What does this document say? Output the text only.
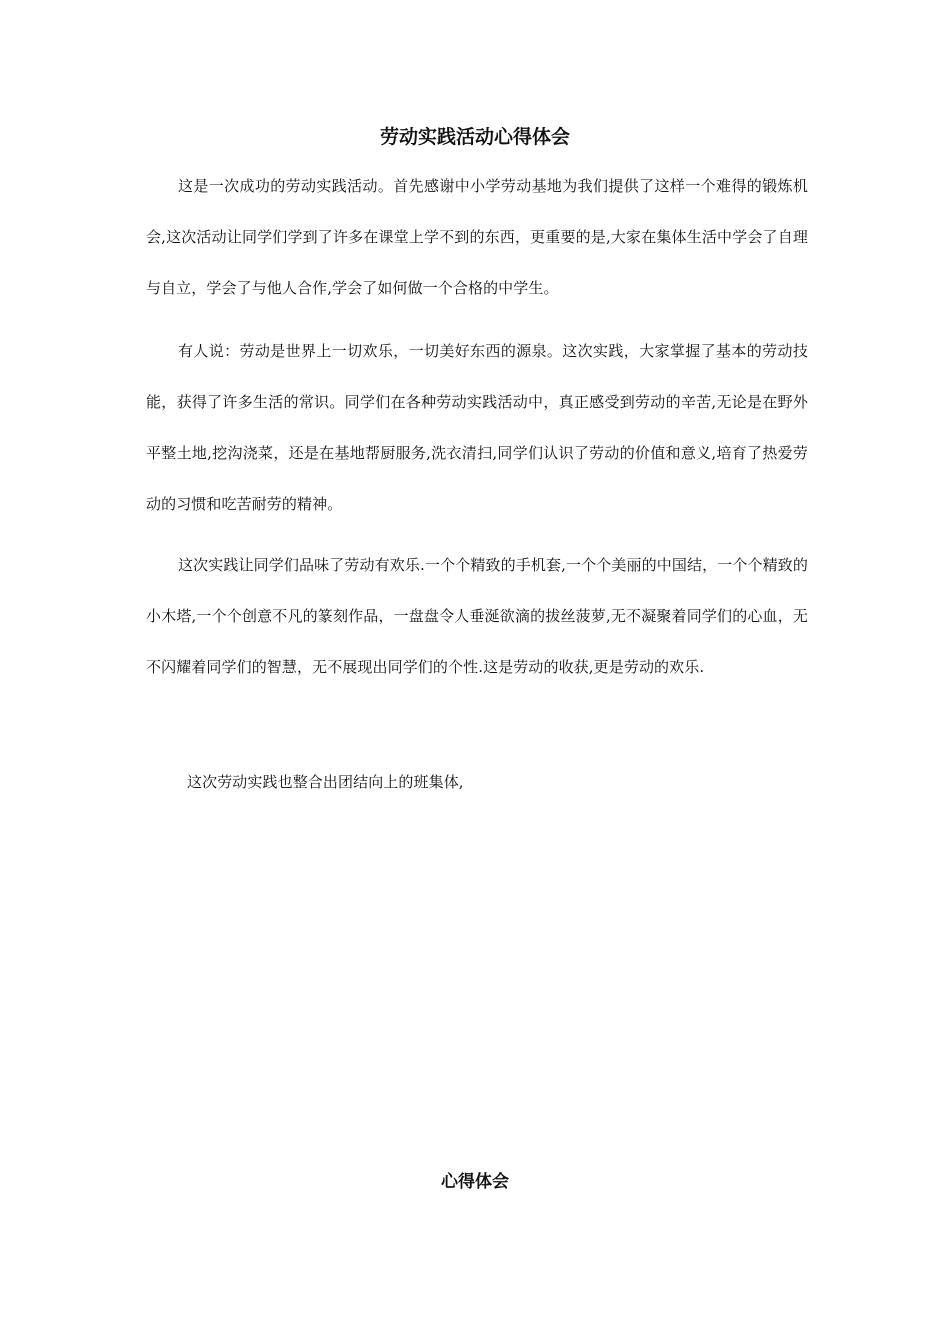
劳动实践活动心得体会

这是一次成功的劳动实践活动。首先感谢中小学劳动基地为我们提供了这样一个难得的锻炼机会,这次活动让同学们学到了许多在课堂上学不到的东西，更重要的是,大家在集体生活中学会了自理与自立，学会了与他人合作,学会了如何做一个合格的中学生。

有人说：劳动是世界上一切欢乐，一切美好东西的源泉。这次实践，大家掌握了基本的劳动技能，获得了许多生活的常识。同学们在各种劳动实践活动中，真正感受到劳动的辛苦,无论是在野外平整土地,挖沟浇菜，还是在基地帮厨服务,洗衣清扫,同学们认识了劳动的价值和意义,培育了热爱劳动的习惯和吃苦耐劳的精神。

这次实践让同学们品味了劳动有欢乐.一个个精致的手机套,一个个美丽的中国结，一个个精致的小木塔,一个个创意不凡的篆刻作品，一盘盘令人垂涎欲滴的拔丝菠萝,无不凝聚着同学们的心血，无不闪耀着同学们的智慧，无不展现出同学们的个性.这是劳动的收获,更是劳动的欢乐.

这次劳动实践也整合出团结向上的班集体,

心得体会
